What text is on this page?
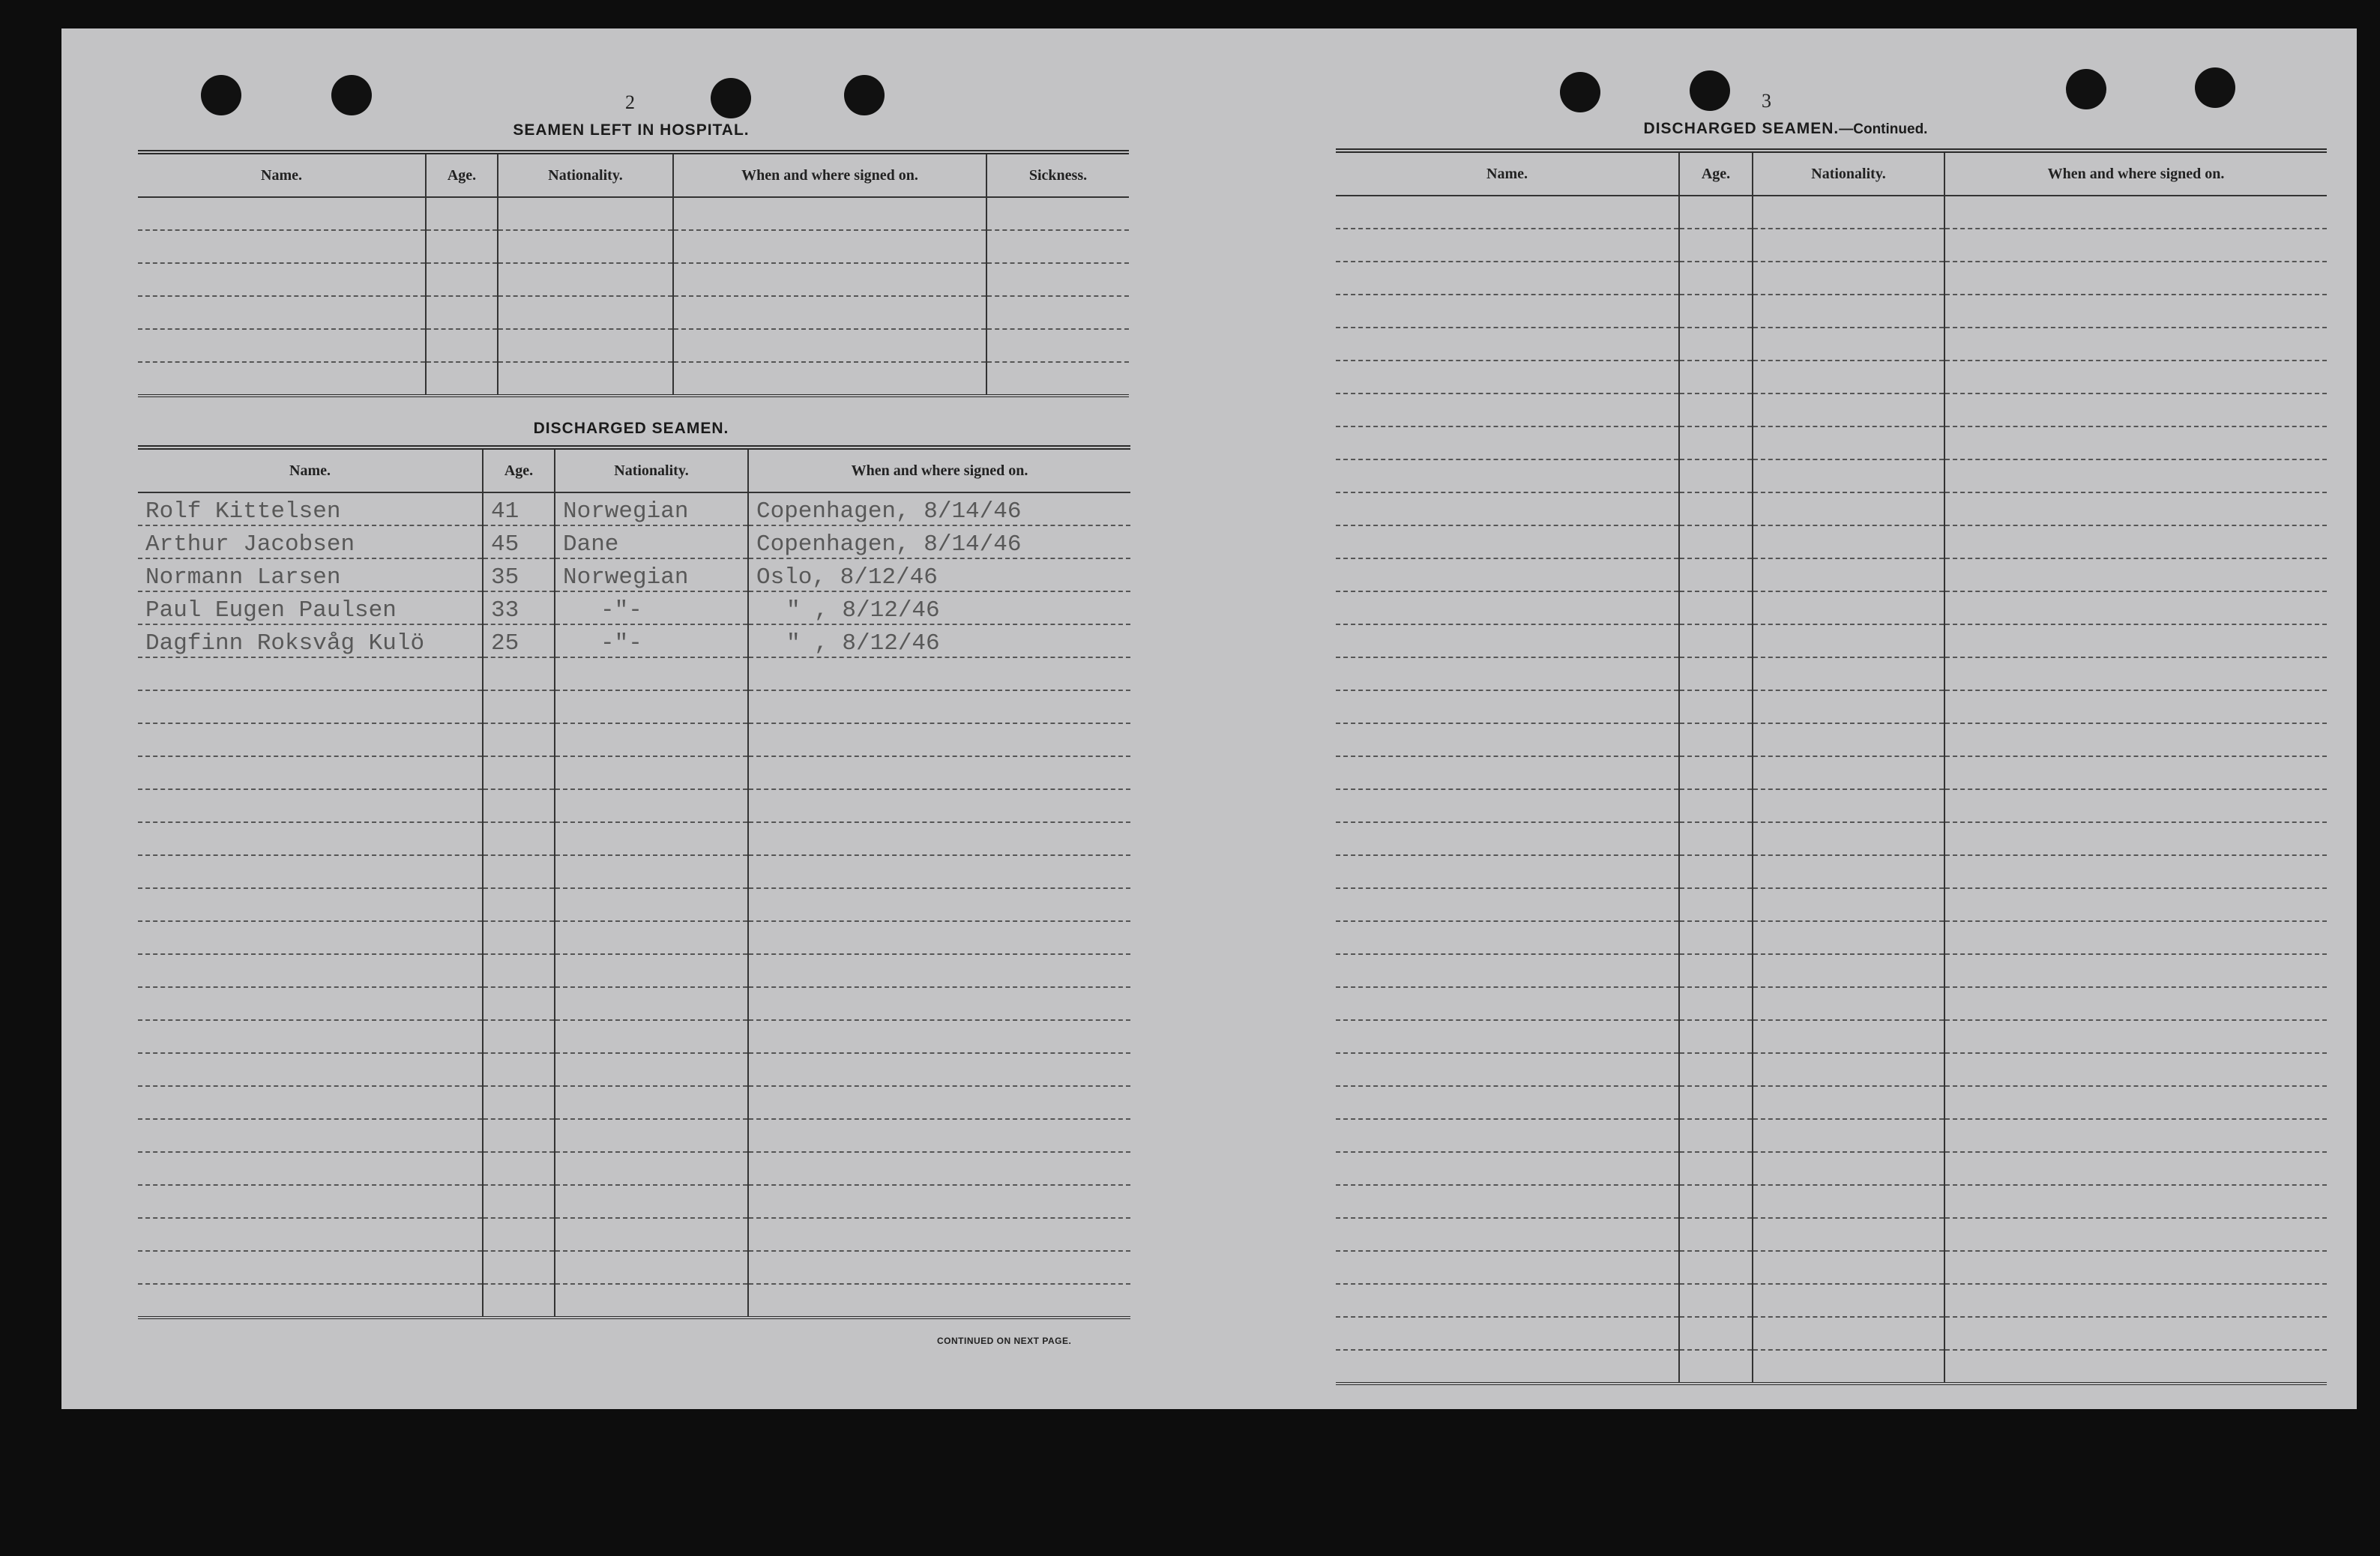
2
SEAMEN LEFT IN HOSPITAL.
Name.	Age.	Nationality.	When and where signed on.	Sickness.

DISCHARGED SEAMEN.
Name.	Age.	Nationality.	When and where signed on.
Rolf Kittelsen	41	Norwegian	Copenhagen, 8/14/46
Arthur Jacobsen	45	Dane	Copenhagen, 8/14/46
Normann Larsen	35	Norwegian	Oslo, 8/12/46
Paul Eugen Paulsen	33	-"-	" , 8/12/46
Dagfinn Roksvåg Kulö	25	-"-	" , 8/12/46

CONTINUED ON NEXT PAGE.
3
DISCHARGED SEAMEN.—Continued.
Name.	Age.	Nationality.	When and where signed on.
